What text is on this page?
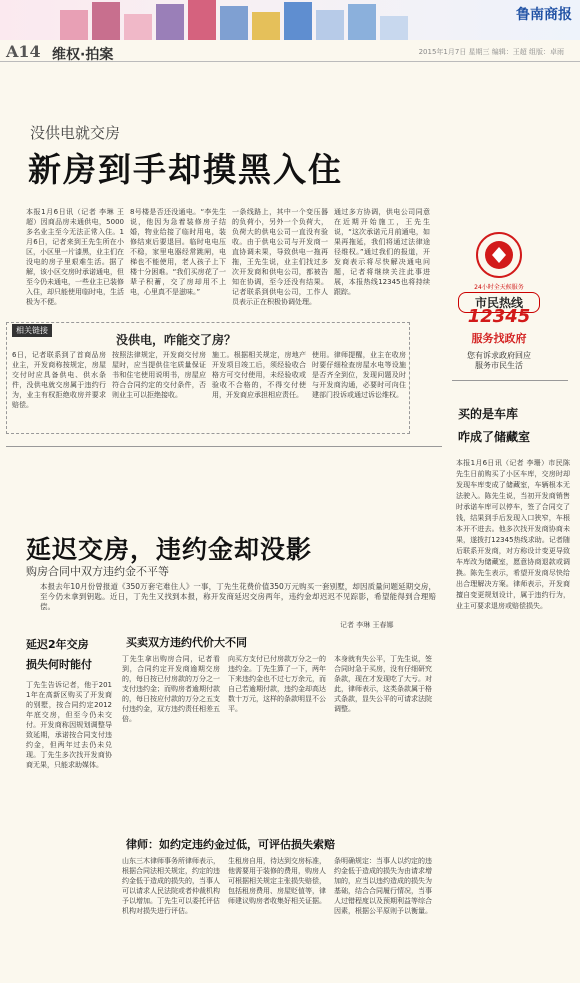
鲁南商报
A14 维权·拍案	2015年1月7日 星期三 编辑：王超 组版：卓雨
没供电就交房
新房到手却摸黑入住
本报1月6日讯（记者 李琳 王超）因商品房未通供电，5000多名业主至今无法正常入住。1月6日，记者来到王先生所在小区，小区里一片漆黑，业主们在没电的房子里艰难生活。据了解，该小区交房时承诺通电，但至今仍未通电，一些业主已装修入住，却只能使用临时电，生活极为不便。
8号楼是否还没通电。“李先生说，他因为急着装修房子结婚，物业给接了临时用电，装修结束后要退回。临时电电压不稳，家里电器经常跳闸，电梯也不能使用，老人孩子上下楼十分困难。“我们买房花了一辈子积蓄，交了房却用不上电，心里真不是滋味。”
一条线路上，其中一个变压器的负荷小，另外一个负荷大，负荷大的供电公司一直没有验收。由于供电公司与开发商一直协调未果，导致供电一拖再拖，王先生说，业主们找过多次开发商和供电公司，都被告知在协调，至今还没有结果。记者联系到供电公司，工作人员表示正在积极协调处理。
通过多方协调，供电公司同意在近期开始施工，王先生说，“这次承诺元月前通电，如果再拖延，我们将通过法律途径维权。”通过我们的报道，开发商表示将尽快解决通电问题，记者将继续关注此事进展，本报热线12345也将持续跟踪。
相关链接
没供电，咋能交了房？
6日，记者联系到了首商品房业主，开发商称按规定，房屋交付时应具备供电、供水条件，没供电就交房属于违约行为，业主有权拒绝收房并要求赔偿。
按照法律规定，开发商交付房屋时，应当提供住宅质量保证书和住宅使用说明书，房屋应符合合同约定的交付条件，否则业主可以拒绝接收。
施工。根据相关规定，房地产开发项目竣工后，须经验收合格方可交付使用，未经验收或验收不合格的，不得交付使用，开发商应承担相应责任。
使用。律师提醒，业主在收房时要仔细检查房屋水电等设施是否齐全到位，发现问题及时与开发商沟通，必要时可向住建部门投诉或通过诉讼维权。
24小时全天候服务
市民热线
12345
服务找政府
您有诉求政府回应
服务市民生活
买的是车库
咋成了储藏室
本报1月6日讯（记者 李珊）市民陈先生日前购买了小区车库，交房时却发现车库变成了储藏室，车辆根本无法驶入。陈先生说，当初开发商销售时承诺车库可以停车，签了合同交了钱，结果到手后发现入口狭窄，车根本开不进去。他多次找开发商协商未果，遂拨打12345热线求助。记者随后联系开发商，对方称设计变更导致车库改为储藏室，愿意协商退款或调换。陈先生表示，希望开发商尽快给出合理解决方案。律师表示，开发商擅自变更规划设计，属于违约行为，业主可要求退房或赔偿损失。
延迟交房，违约金却没影
购房合同中双方违约金不平等
本报去年10月份曾报道《350万套宅难住人》一事，丁先生花费价值350万元购买一套别墅，却因质量问题延期交房，至今仍未拿到钥匙。近日，丁先生又找到本报，称开发商延迟交房两年，违约金却迟迟不见踪影，希望能得到合理赔偿。
记者 李琳 王春娜
延迟2年交房
损失何时能付
丁先生告诉记者，他于2011年在高新区购买了开发商的别墅，按合同约定2012年底交房，但至今仍未交付。开发商称因规划调整导致延期，承诺按合同支付违约金，但两年过去仍未兑现。丁先生多次找开发商协商无果，只能求助媒体。
买卖双方违约代价大不同
丁先生拿出购房合同，记者看到，合同约定开发商逾期交房的，每日按已付房款的万分之一支付违约金；而购房者逾期付款的，每日按应付款的万分之五支付违约金，双方违约责任相差五倍。
向买方支付已付房款万分之一的违约金。丁先生算了一下，两年下来违约金也不过七万余元，而自己若逾期付款，违约金却高达数十万元，这样的条款明显不公平。
本身就有失公平，丁先生说，签合同时急于买房，没有仔细研究条款，现在才发现吃了大亏。对此，律师表示，这类条款属于格式条款，显失公平的可请求法院调整。
律师：如约定违约金过低，可评估损失索赔
山东三木律师事务所律师表示，根据合同法相关规定，约定的违约金低于造成的损失的，当事人可以请求人民法院或者仲裁机构予以增加。丁先生可以委托评估机构对损失进行评估。
生租房自用，待达到交房标准，他需要用于装修的费用，购房人可根据相关规定主张损失赔偿，包括租房费用、房屋贬值等，律师建议购房者收集好相关证据。
条明确规定：当事人以约定的违约金低于造成的损失为由请求增加的，应当以违约造成的损失为基础，结合合同履行情况，当事人过错程度以及预期利益等综合因素，根据公平原则予以衡量。
